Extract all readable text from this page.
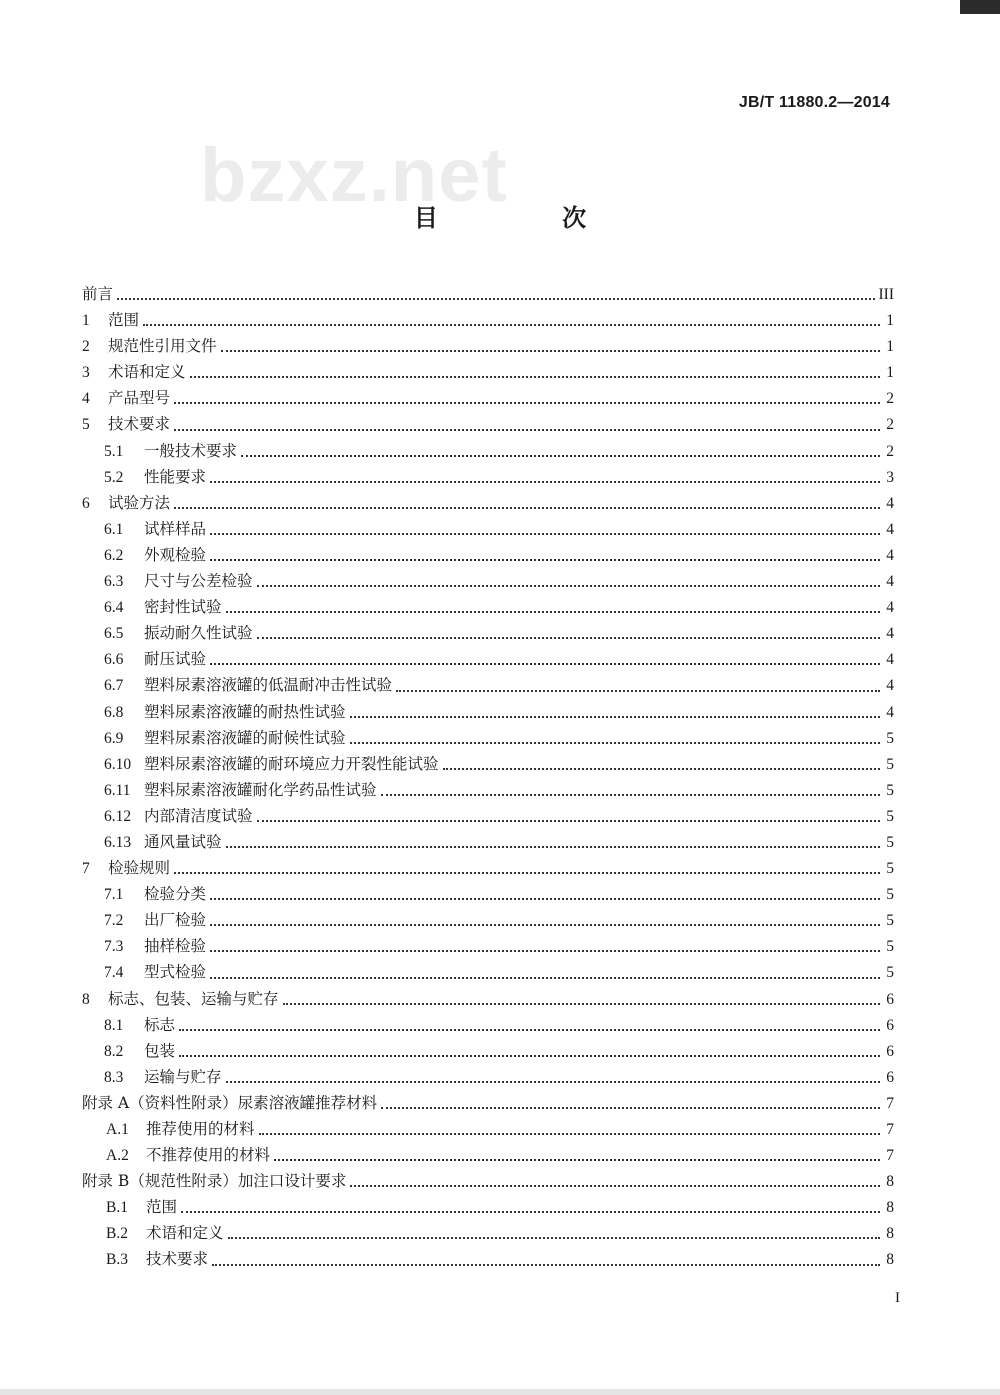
JB/T 11880.2—2014
bzxz.net
目 次
前言	III
1	范围	1
2	规范性引用文件	1
3	术语和定义	1
4	产品型号	2
5	技术要求	2
5.1	一般技术要求	2
5.2	性能要求	3
6	试验方法	4
6.1	试样样品	4
6.2	外观检验	4
6.3	尺寸与公差检验	4
6.4	密封性试验	4
6.5	振动耐久性试验	4
6.6	耐压试验	4
6.7	塑料尿素溶液罐的低温耐冲击性试验	4
6.8	塑料尿素溶液罐的耐热性试验	4
6.9	塑料尿素溶液罐的耐候性试验	5
6.10 塑料尿素溶液罐的耐环境应力开裂性能试验	5
6.11 塑料尿素溶液罐耐化学药品性试验	5
6.12 内部清洁度试验	5
6.13 通风量试验	5
7	检验规则	5
7.1	检验分类	5
7.2	出厂检验	5
7.3	抽样检验	5
7.4	型式检验	5
8	标志、包装、运输与贮存	6
8.1	标志	6
8.2	包装	6
8.3	运输与贮存	6
附录 A（资料性附录）尿素溶液罐推荐材料	7
A.1	推荐使用的材料	7
A.2	不推荐使用的材料	7
附录 B（规范性附录）加注口设计要求	8
B.1	范围	8
B.2	术语和定义	8
B.3	技术要求	8
I
